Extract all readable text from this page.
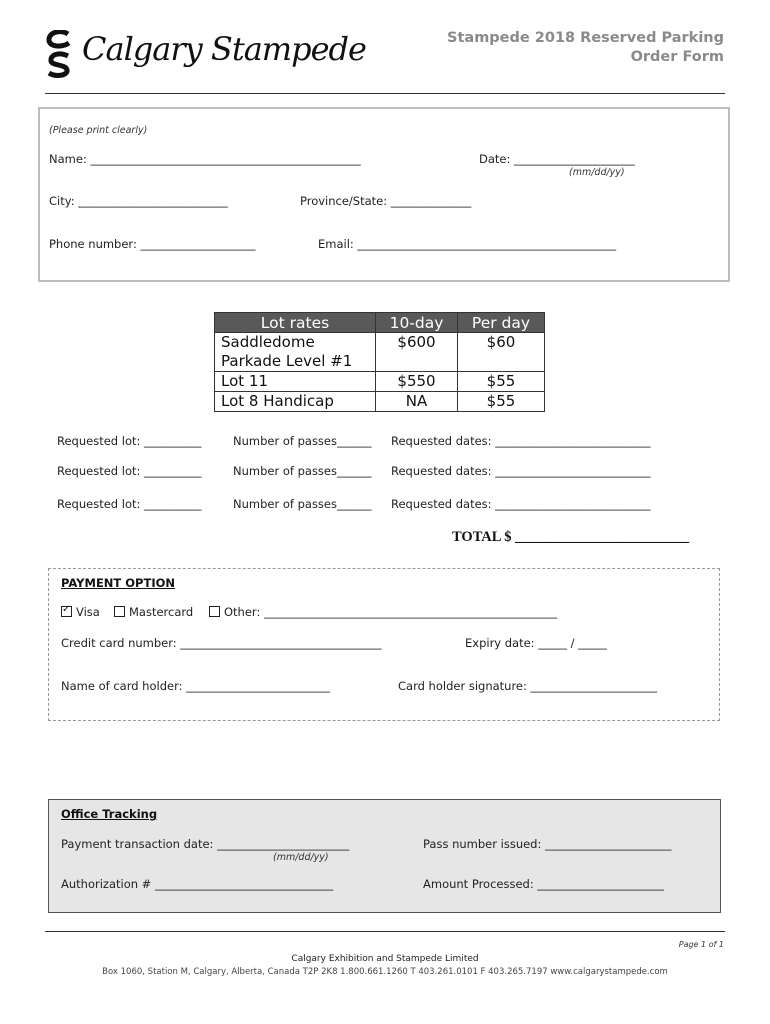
Calgary Stampede	Stampede 2018 Reserved Parking
Order Form
(Please print clearly)
Name: _______________________________________________	Date: _____________________
(mm/dd/yy)
City: __________________________	Province/State: ______________
Phone number: ____________________	Email: _____________________________________________
Lot rates	10-day	Per day
Saddledome
Parkade Level #1	$600	$60
Lot 11	$550	$55
Lot 8 Handicap	NA	$55
Requested lot: __________	Number of passes______ Requested dates: ___________________________
Requested lot: __________	Number of passes______ Requested dates: ___________________________
Requested lot: __________	Number of passes______ Requested dates: ___________________________
TOTAL $ ________________________
PAYMENT OPTION
✓Visa	Mastercard	Other: ___________________________________________________
Credit card number: ___________________________________	Expiry date: _____ / _____
Name of card holder: _________________________	Card holder signature: ______________________
Office Tracking
Payment transaction date: _______________________
(mm/dd/yy)
Pass number issued: ______________________
Authorization # _______________________________	Amount Processed: ______________________
Page 1 of 1
Calgary Exhibition and Stampede Limited
Box 1060, Station M, Calgary, Alberta, Canada T2P 2K8 1.800.661.1260 T 403.261.0101 F 403.265.7197 www.calgarystampede.com
